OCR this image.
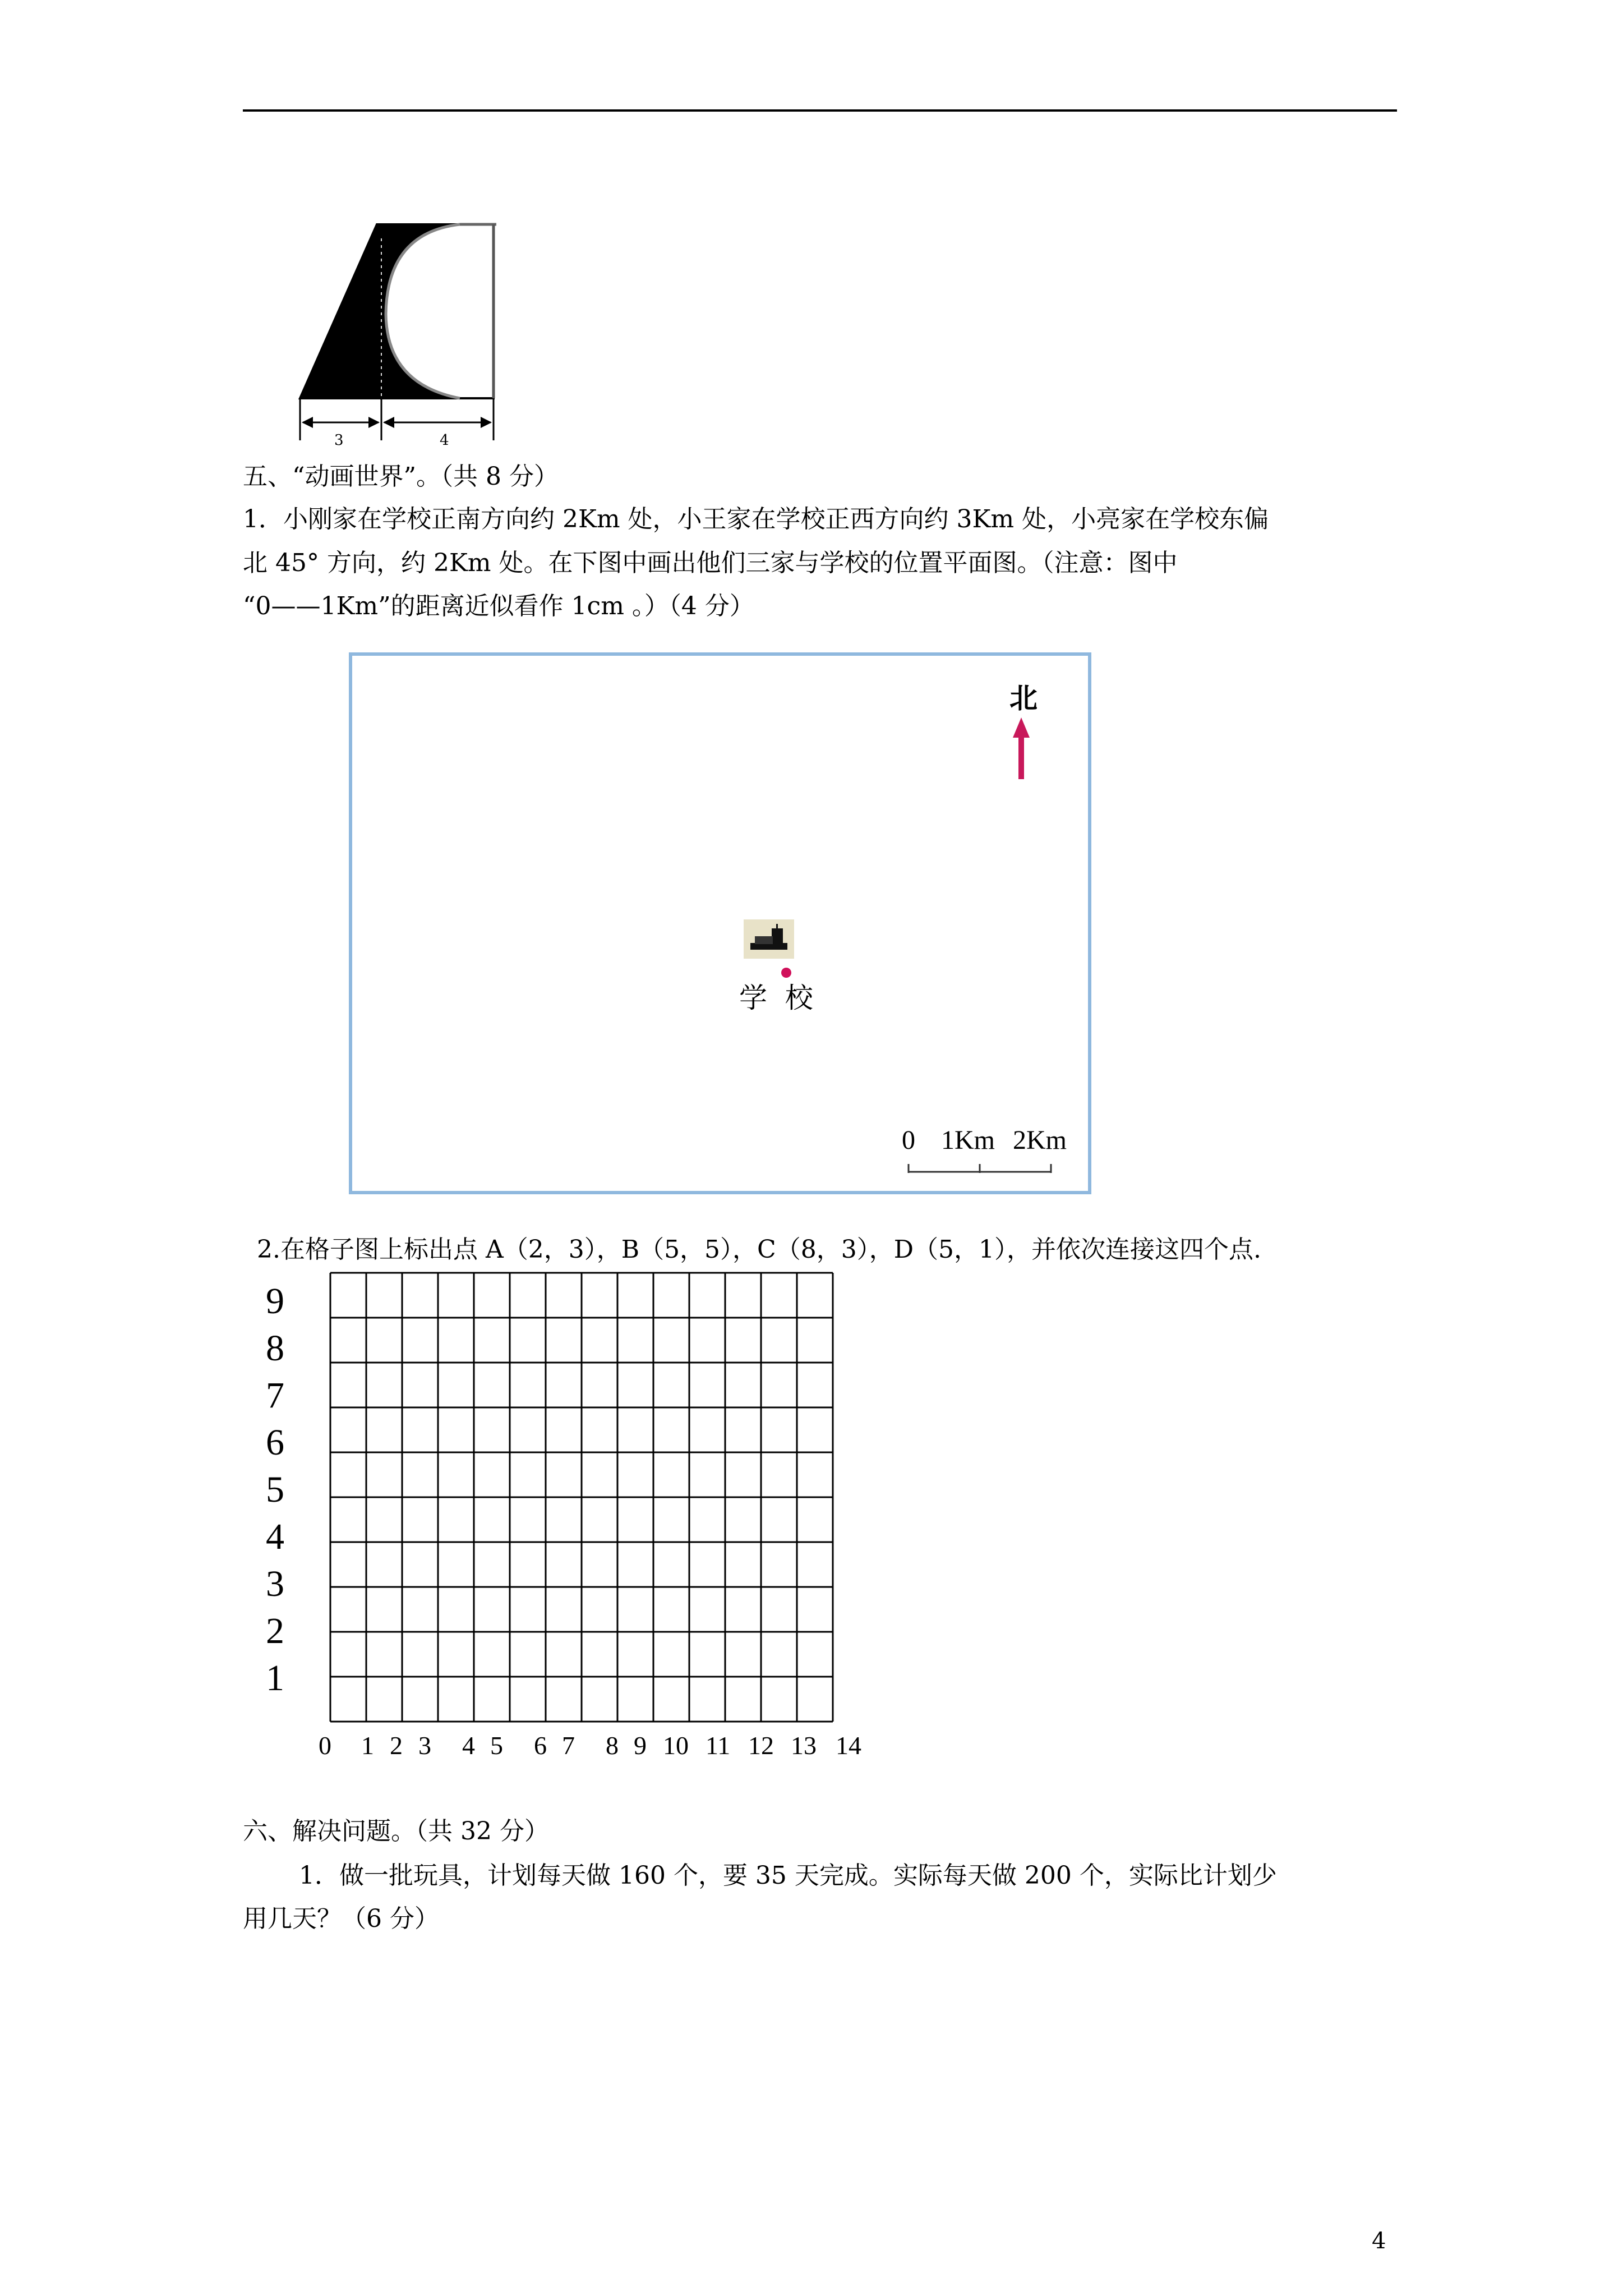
3	4
五、“动画世界”。（共 8 分）
1．小刚家在学校正南方向约 2Km 处，小王家在学校正西方向约 3Km 处，小亮家在学校东偏
北 45° 方向，约 2Km 处。在下图中画出他们三家与学校的位置平面图。（注意：图中
“0——1Km”的距离近似看作 1cm 。）（4 分）
北
学  校
0 1Km 2Km
2.在格子图上标出点 A（2，3），B（5，5），C（8，3），D（5，1），并依次连接这四个点.
9
8
7
6
5
4
3
2
1
0 1 2 3 4 5 6 7 8 9 10 11 12 13 14
六、解决问题。（共 32 分）
1．做一批玩具，计划每天做 160 个，要 35 天完成。实际每天做 200 个，实际比计划少
用几天？（6 分）
4
